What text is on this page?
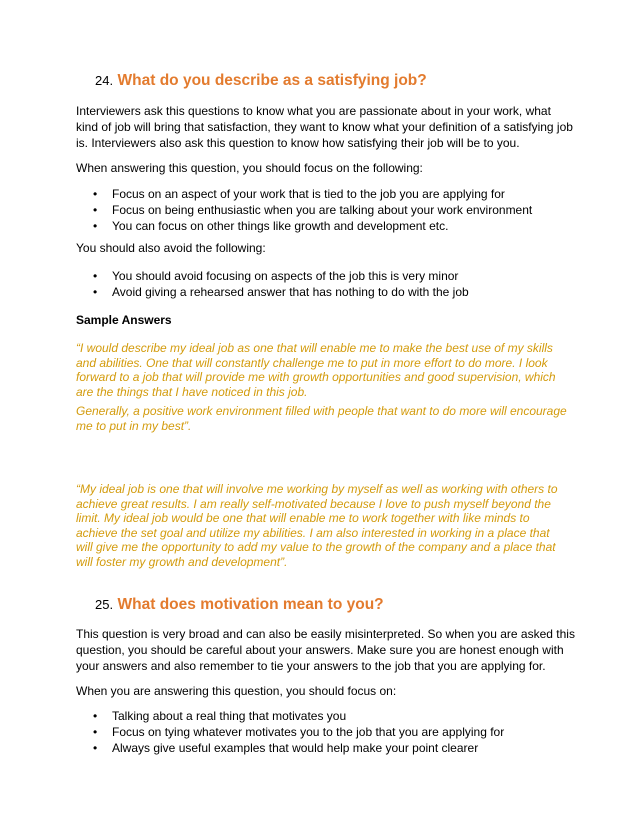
24. What do you describe as a satisfying job?

Interviewers ask this questions to know what you are passionate about in your work, what kind of job will bring that satisfaction, they want to know what your definition of a satisfying job is. Interviewers also ask this question to know how satisfying their job will be to you.

When answering this question, you should focus on the following:

• Focus on an aspect of your work that is tied to the job you are applying for
• Focus on being enthusiastic when you are talking about your work environment
• You can focus on other things like growth and development etc.

You should also avoid the following:

• You should avoid focusing on aspects of the job this is very minor
• Avoid giving a rehearsed answer that has nothing to do with the job
Sample Answers

“I would describe my ideal job as one that will enable me to make the best use of my skills and abilities. One that will constantly challenge me to put in more effort to do more. I look forward to a job that will provide me with growth opportunities and good supervision, which are the things that I have noticed in this job.

Generally, a positive work environment filled with people that want to do more will encourage me to put in my best”.

“My ideal job is one that will involve me working by myself as well as working with others to achieve great results. I am really self-motivated because I love to push myself beyond the limit. My ideal job would be one that will enable me to work together with like minds to achieve the set goal and utilize my abilities. I am also interested in working in a place that will give me the opportunity to add my value to the growth of the company and a place that will foster my growth and development”.

25. What does motivation mean to you?

This question is very broad and can also be easily misinterpreted. So when you are asked this question, you should be careful about your answers. Make sure you are honest enough with your answers and also remember to tie your answers to the job that you are applying for.

When you are answering this question, you should focus on:

• Talking about a real thing that motivates you
• Focus on tying whatever motivates you to the job that you are applying for
• Always give useful examples that would help make your point clearer
